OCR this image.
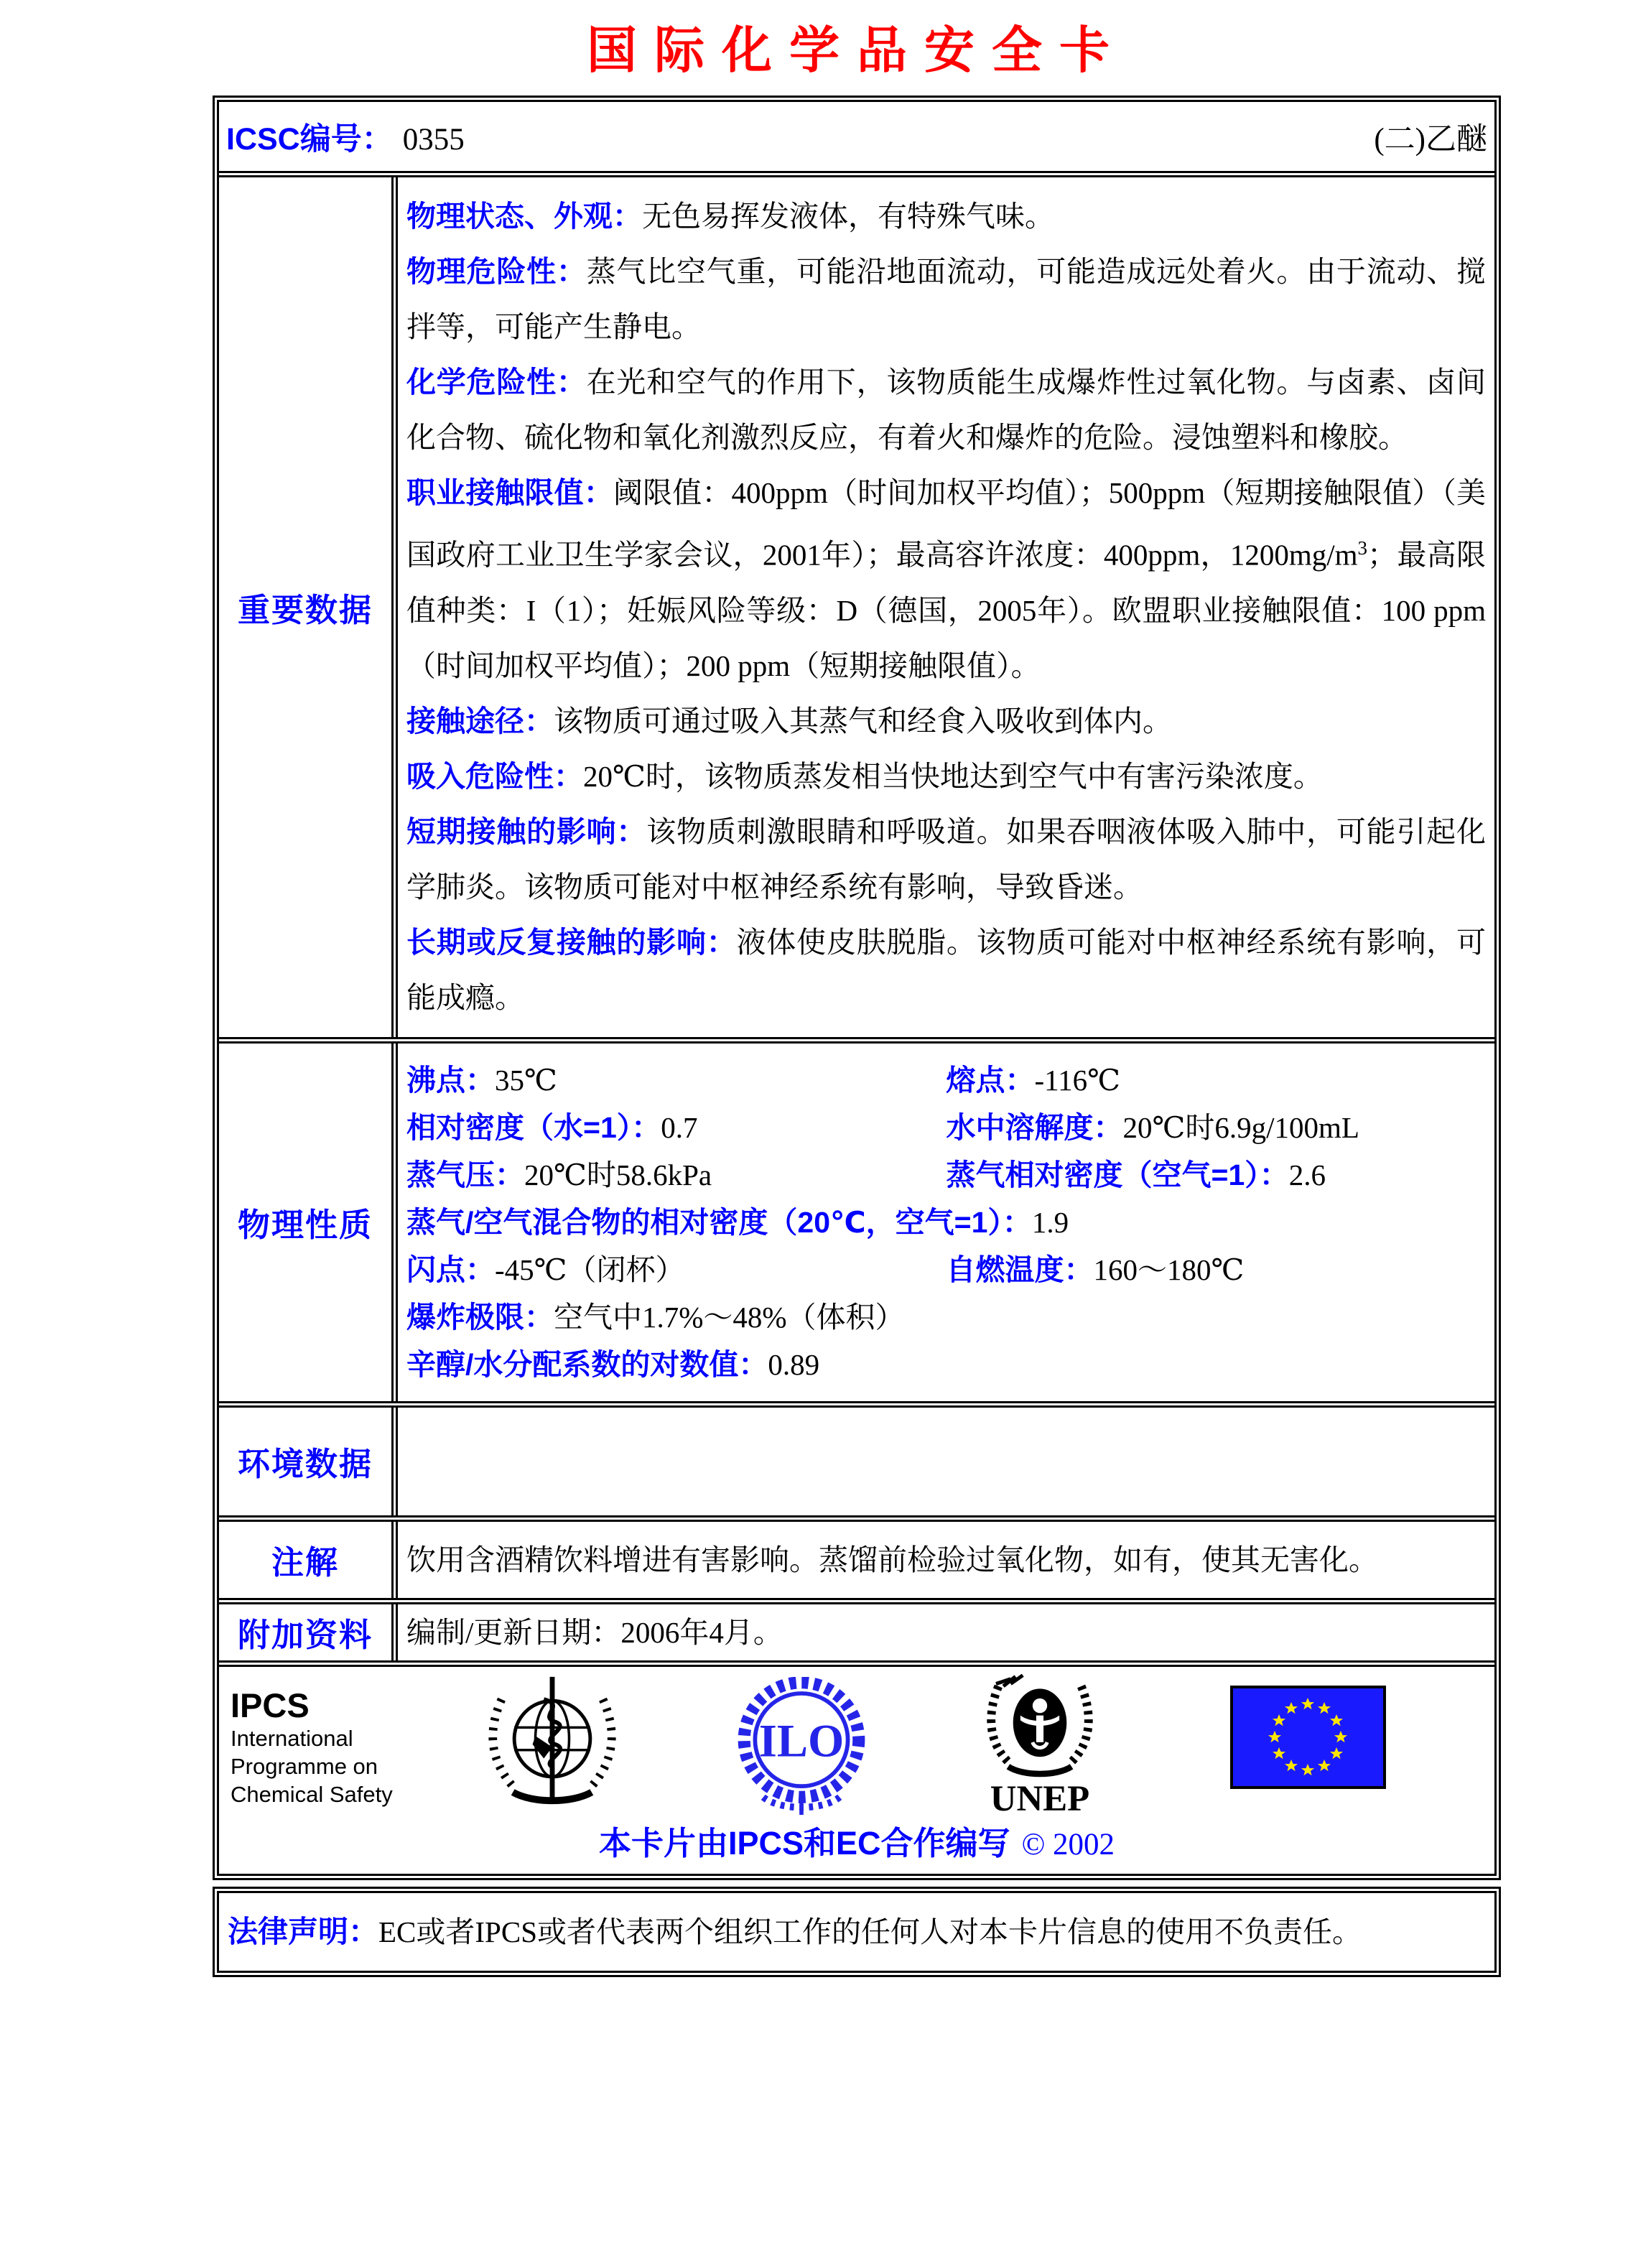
国际化学品安全卡
ICSC编号： 0355	(二)乙醚
重要数据

物理状态、外观：无色易挥发液体，有特殊气味。

物理危险性：蒸气比空气重，可能沿地面流动，可能造成远处着火。由于流动、搅拌等，可能产生静电。

化学危险性：在光和空气的作用下，该物质能生成爆炸性过氧化物。与卤素、卤间化合物、硫化物和氧化剂激烈反应，有着火和爆炸的危险。浸蚀塑料和橡胶。

职业接触限值：阈限值：400ppm（时间加权平均值）；500ppm（短期接触限值）（美国政府工业卫生学家会议，2001年）；最高容许浓度：400ppm，$1200mg/m^3$；最高限值种类：I（1）；妊娠风险等级：D（德国，2005年）。欧盟职业接触限值：100 ppm（时间加权平均值）；200 ppm（短期接触限值）。

接触途径：该物质可通过吸入其蒸气和经食入吸收到体内。

吸入危险性：20℃时，该物质蒸发相当快地达到空气中有害污染浓度。

短期接触的影响：该物质刺激眼睛和呼吸道。如果吞咽液体吸入肺中，可能引起化学肺炎。该物质可能对中枢神经系统有影响，导致昏迷。

长期或反复接触的影响：液体使皮肤脱脂。该物质可能对中枢神经系统有影响，可能成瘾。

物理性质
沸点：35℃	熔点：-116℃
相对密度（水=1）：0.7	水中溶解度：20℃时6.9g/100mL
蒸气压：20℃时58.6kPa	蒸气相对密度（空气=1）：2.6
蒸气/空气混合物的相对密度（20℃，空气=1）：1.9
闪点：-45℃（闭杯）	自燃温度：160～180℃
爆炸极限：空气中1.7%～48%（体积）
辛醇/水分配系数的对数值：0.89
环境数据
注解 饮用含酒精饮料增进有害影响。蒸馏前检验过氧化物，如有，使其无害化。

附加资料 编制/更新日期：2006年4月。

IPCS
International
Programme on
Chemical Safety
ILO
UNEP
本卡片由IPCS和EC合作编写 © 2002
法律声明：EC或者IPCS或者代表两个组织工作的任何人对本卡片信息的使用不负责任。
